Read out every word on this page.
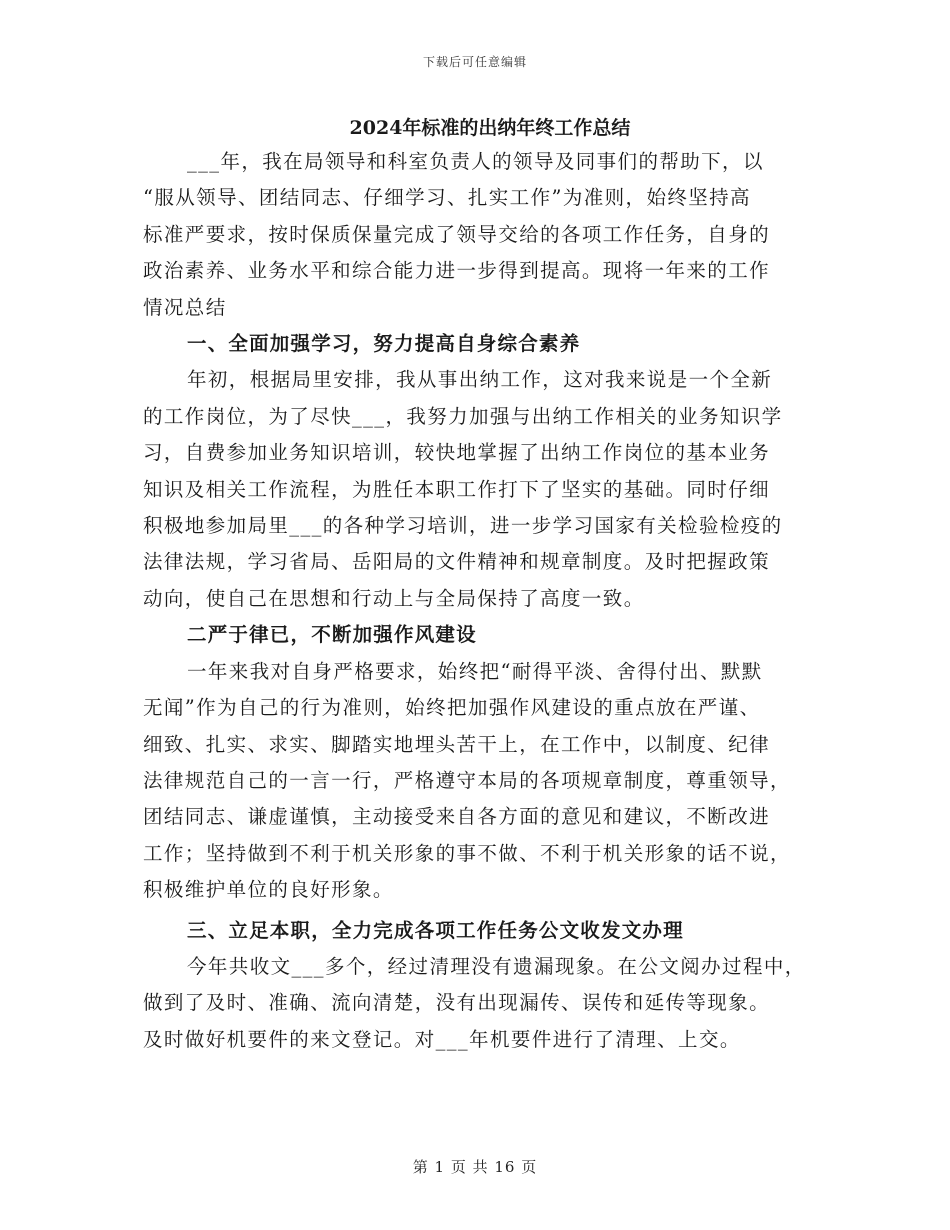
下载后可任意编辑
2024年标准的出纳年终工作总结
___年，我在局领导和科室负责人的领导及同事们的帮助下，以
“服从领导、团结同志、仔细学习、扎实工作”为准则，始终坚持高
标准严要求，按时保质保量完成了领导交给的各项工作任务，自身的
政治素养、业务水平和综合能力进一步得到提高。现将一年来的工作
情况总结
一、全面加强学习，努力提高自身综合素养
年初，根据局里安排，我从事出纳工作，这对我来说是一个全新
的工作岗位，为了尽快___，我努力加强与出纳工作相关的业务知识学
习，自费参加业务知识培训，较快地掌握了出纳工作岗位的基本业务
知识及相关工作流程，为胜任本职工作打下了坚实的基础。同时仔细
积极地参加局里___的各种学习培训，进一步学习国家有关检验检疫的
法律法规，学习省局、岳阳局的文件精神和规章制度。及时把握政策
动向，使自己在思想和行动上与全局保持了高度一致。
二严于律已，不断加强作风建设
一年来我对自身严格要求，始终把“耐得平淡、舍得付出、默默
无闻”作为自己的行为准则，始终把加强作风建设的重点放在严谨、
细致、扎实、求实、脚踏实地埋头苦干上，在工作中，以制度、纪律
法律规范自己的一言一行，严格遵守本局的各项规章制度，尊重领导，
团结同志、谦虚谨慎，主动接受来自各方面的意见和建议，不断改进
工作；坚持做到不利于机关形象的事不做、不利于机关形象的话不说，
积极维护单位的良好形象。
三、立足本职，全力完成各项工作任务公文收发文办理
今年共收文___多个，经过清理没有遗漏现象。在公文阅办过程中，
做到了及时、准确、流向清楚，没有出现漏传、误传和延传等现象。
及时做好机要件的来文登记。对___年机要件进行了清理、上交。
第 1 页 共 16 页
